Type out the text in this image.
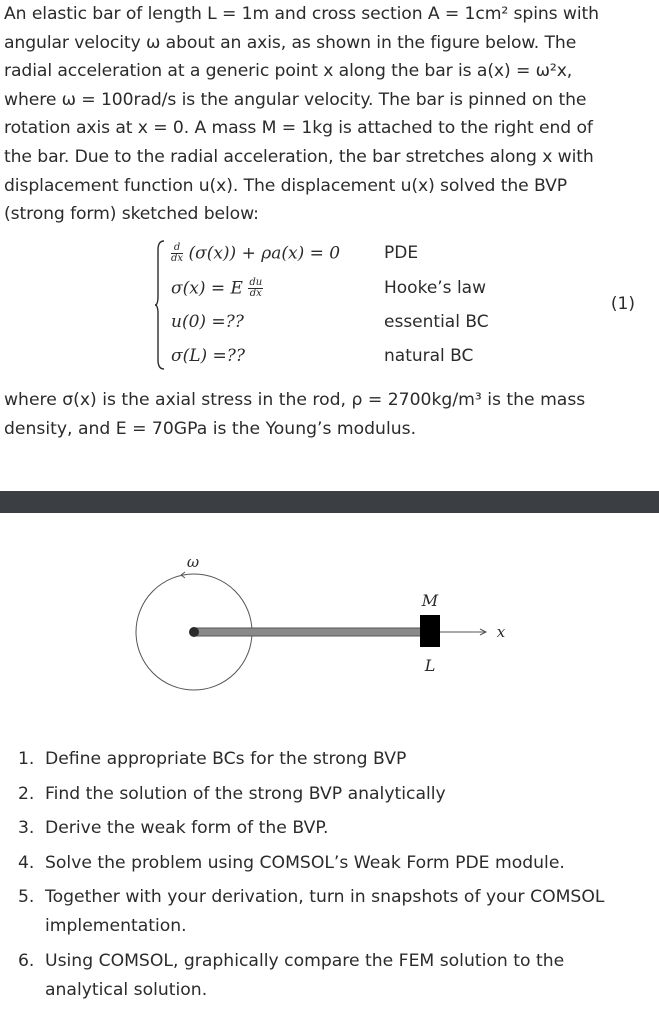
An elastic bar of length L = 1m and cross section A = 1cm² spins with
angular velocity ω about an axis, as shown in the figure below. The
radial acceleration at a generic point x along the bar is a(x) = ω²x,
where ω = 100rad/s is the angular velocity. The bar is pinned on the
rotation axis at x = 0. A mass M = 1kg is attached to the right end of
the bar. Due to the radial acceleration, the bar stretches along x with
displacement function u(x). The displacement u(x) solved the BVP
(strong form) sketched below:
$\frac{d}{dx} (\sigma(x)) + \rho a(x) = 0$	PDE
σ(x) = E $\frac{du}{dx}$	Hooke’s law
u(0) =??	essential BC
σ(L) =??	natural BC
(1)
where σ(x) is the axial stress in the rod, ρ = 2700kg/m³ is the mass
density, and E = 70GPa is the Young’s modulus.
ω
x
M
L
1. Define appropriate BCs for the strong BVP
2. Find the solution of the strong BVP analytically
3. Derive the weak form of the BVP.
4. Solve the problem using COMSOL’s Weak Form PDE module.
5. Together with your derivation, turn in snapshots of your COMSOL implementation.
6. Using COMSOL, graphically compare the FEM solution to the analytical solution.
